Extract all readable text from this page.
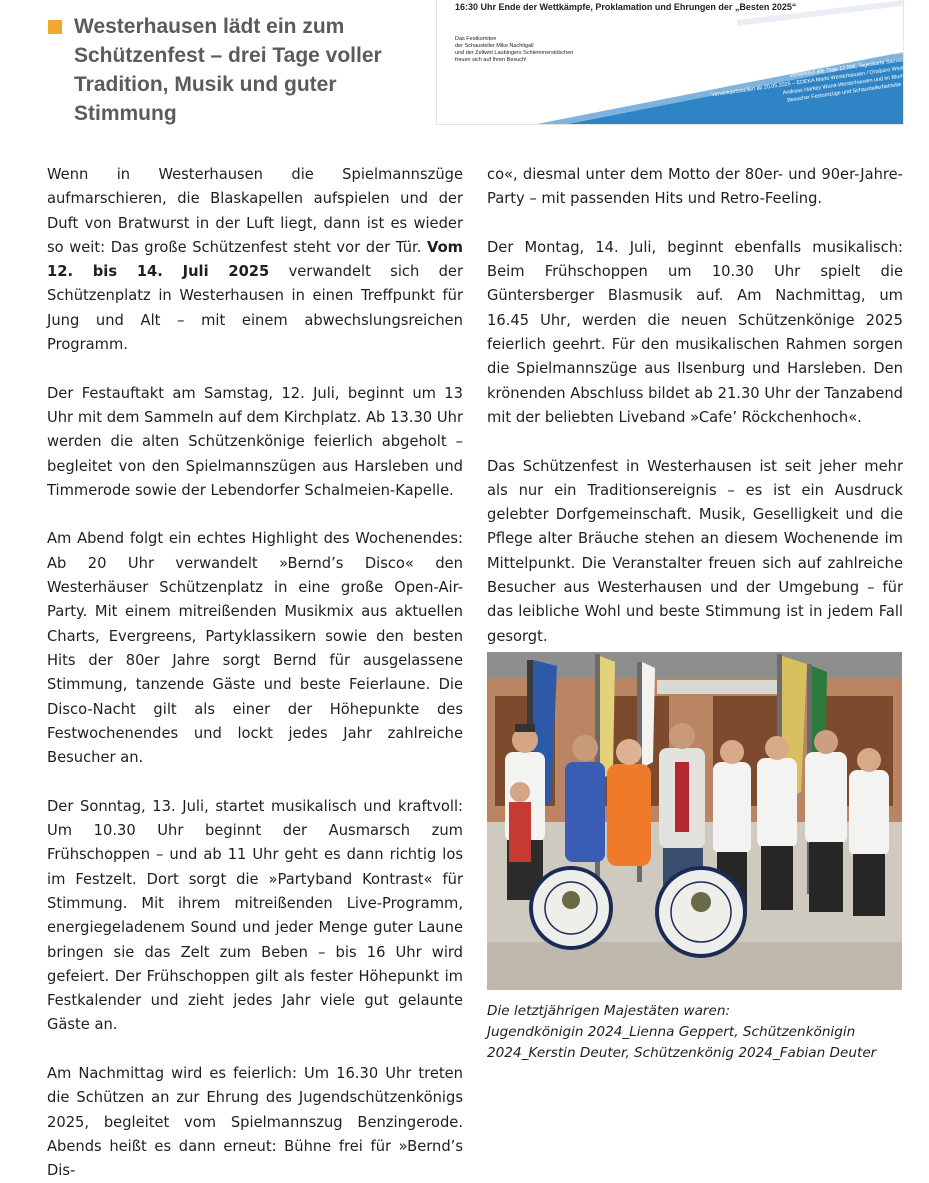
Westerhausen lädt ein zum
Schützenfest – drei Tage voller
Tradition, Musik und guter
Stimmung
16:30 Uhr Ende der Wettkämpfe, Proklamation und Ehrungen der „Besten 2025“
Das Festkomitee
der Schausteller Mike Nachtigall
und der Zeltwirt Laubingers Schlemmerstübchen
freuen sich auf Ihren Besuch!
Eintrittspreise ab 16 Jahre!
Platzverkauf alle Tage 15,00€ inkl. Tanzabenden
Vorverkauf alle Tage 12,00€, Tageskarte Samstag 07,00€
Vorverkaufsstellen ab 20.05.2025 – EDEKA Markt Westerhausen / Ortsbüro Westerhausen
Andreas Harkey Wurst-Westerhausen und im Blumenverkauf
Besucher Festumzüge und Schaustellerbetriebe Eintritt frei!

Wenn in Westerhausen die Spielmannszüge aufmarschieren, die Blaskapellen aufspielen und der Duft von Bratwurst in der Luft liegt, dann ist es wieder so weit: Das große Schützenfest steht vor der Tür. Vom 12. bis 14. Juli 2025 verwandelt sich der Schützenplatz in Westerhausen in einen Treffpunkt für Jung und Alt – mit einem abwechslungsreichen Programm.

Der Festauftakt am Samstag, 12. Juli, beginnt um 13 Uhr mit dem Sammeln auf dem Kirchplatz. Ab 13.30 Uhr werden die alten Schützenkönige feierlich abgeholt – begleitet von den Spielmannszügen aus Harsleben und Timmerode sowie der Lebendorfer Schalmeien-Kapelle.

Am Abend folgt ein echtes Highlight des Wochenendes: Ab 20 Uhr verwandelt »Bernd’s Disco« den Westerhäuser Schützenplatz in eine große Open-Air-Party. Mit einem mitreißenden Musikmix aus aktuellen Charts, Evergreens, Partyklassikern sowie den besten Hits der 80er Jahre sorgt Bernd für ausgelassene Stimmung, tanzende Gäste und beste Feierlaune. Die Disco-Nacht gilt als einer der Höhepunkte des Festwochenendes und lockt jedes Jahr zahlreiche Besucher an.

Der Sonntag, 13. Juli, startet musikalisch und kraftvoll: Um 10.30 Uhr beginnt der Ausmarsch zum Frühschoppen – und ab 11 Uhr geht es dann richtig los im Festzelt. Dort sorgt die »Partyband Kontrast« für Stimmung. Mit ihrem mitreißenden Live-Programm, energiegeladenem Sound und jeder Menge guter Laune bringen sie das Zelt zum Beben – bis 16 Uhr wird gefeiert. Der Frühschoppen gilt als fester Höhepunkt im Festkalender und zieht jedes Jahr viele gut gelaunte Gäste an.

Am Nachmittag wird es feierlich: Um 16.30 Uhr treten die Schützen an zur Ehrung des Jugendschützenkönigs 2025, begleitet vom Spielmannszug Benzingerode. Abends heißt es dann erneut: Bühne frei für »Bernd’s Dis-

co«, diesmal unter dem Motto der 80er- und 90er-Jahre-Party – mit passenden Hits und Retro-Feeling.

Der Montag, 14. Juli, beginnt ebenfalls musikalisch: Beim Frühschoppen um 10.30 Uhr spielt die Güntersberger Blasmusik auf. Am Nachmittag, um 16.45 Uhr, werden die neuen Schützenkönige 2025 feierlich geehrt. Für den musikalischen Rahmen sorgen die Spielmannszüge aus Ilsenburg und Harsleben. Den krönenden Abschluss bildet ab 21.30 Uhr der Tanzabend mit der beliebten Liveband »Cafe’ Röckchenhoch«.

Das Schützenfest in Westerhausen ist seit jeher mehr als nur ein Traditionsereignis – es ist ein Ausdruck gelebter Dorfgemeinschaft. Musik, Geselligkeit und die Pflege alter Bräuche stehen an diesem Wochenende im Mittelpunkt. Die Veranstalter freuen sich auf zahlreiche Besucher aus Westerhausen und der Umgebung – für das leibliche Wohl und beste Stimmung ist in jedem Fall gesorgt.

Die letztjährigen Majestäten waren:
Jugendkönigin 2024_Lienna Geppert, Schützenkönigin
2024_Kerstin Deuter, Schützenkönig 2024_Fabian Deuter
